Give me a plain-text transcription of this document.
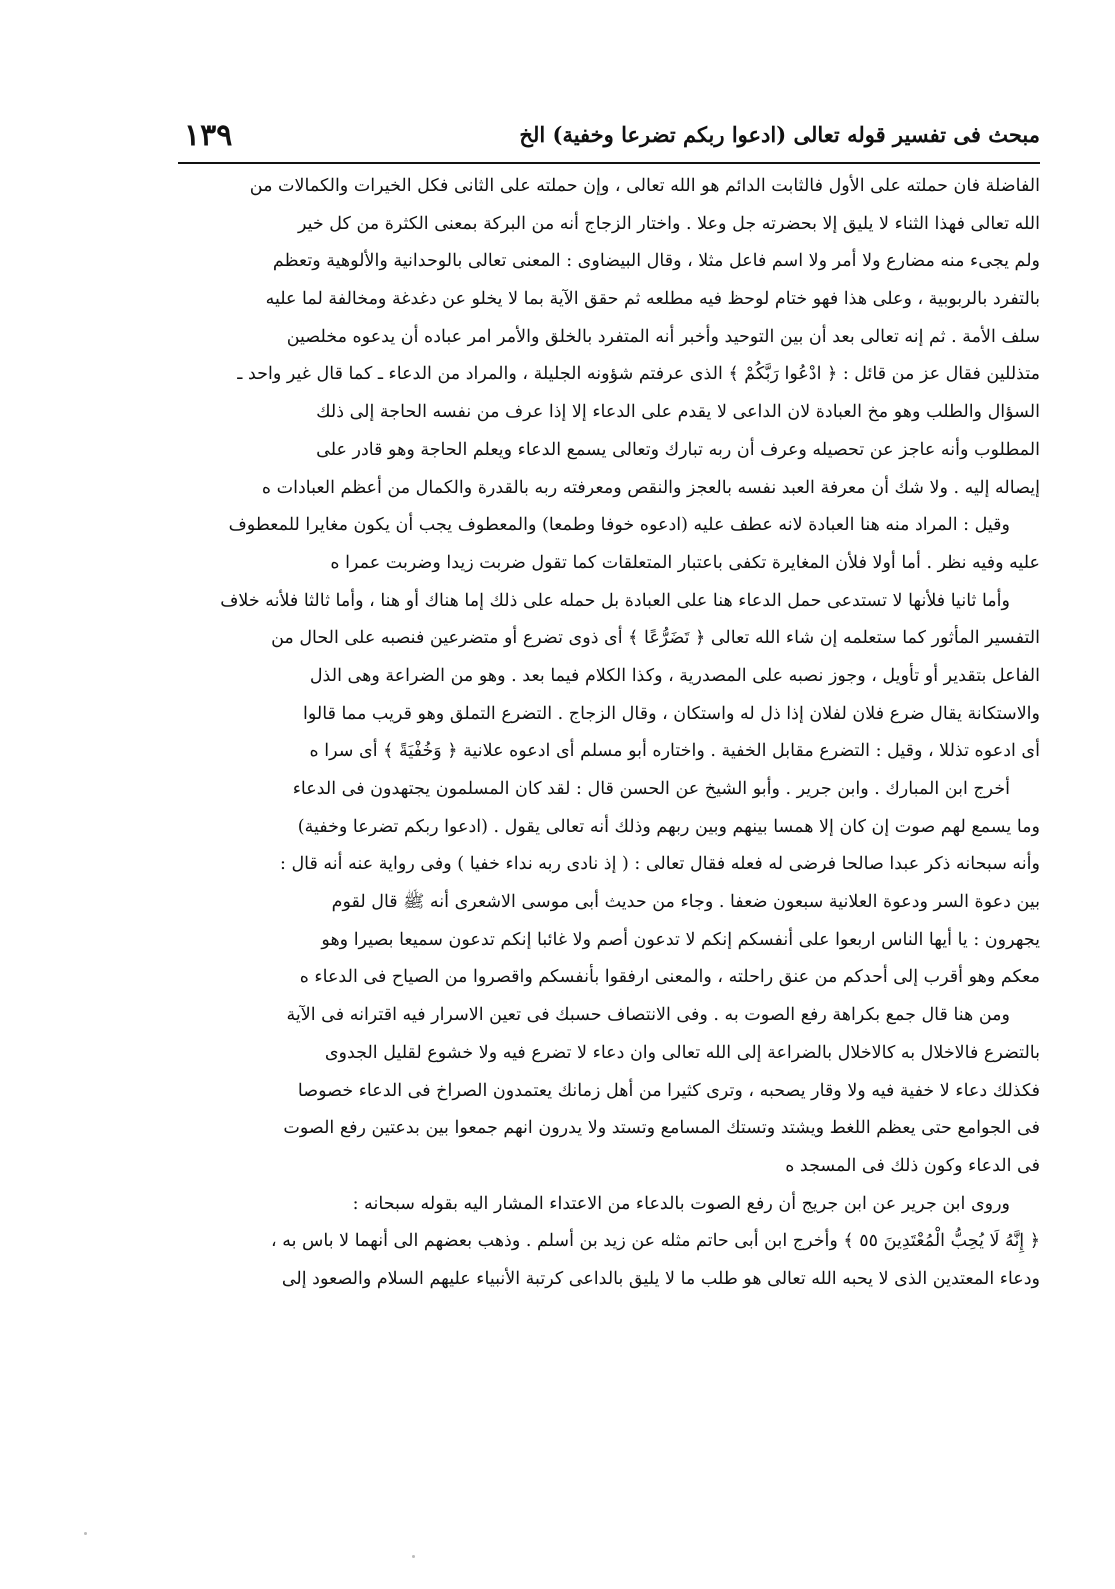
مبحث فى تفسير قوله تعالى (ادعوا ربكم تضرعا وخفية) الخ
١٣٩
الفاضلة فان حملته على الأول فالثابت الدائم هو الله تعالى ، وإن حملته على الثانى فكل الخيرات والكمالات من
الله تعالى فهذا الثناء لا يليق إلا بحضرته جل وعلا . واختار الزجاج أنه من البركة بمعنى الكثرة من كل خير
ولم يجىء منه مضارع ولا أمر ولا اسم فاعل مثلا ، وقال البيضاوى : المعنى تعالى بالوحدانية والألوهية وتعظم
بالتفرد بالربوبية ، وعلى هذا فهو ختام لوحظ فيه مطلعه ثم حقق الآية بما لا يخلو عن دغدغة ومخالفة لما عليه
سلف الأمة . ثم إنه تعالى بعد أن بين التوحيد وأخبر أنه المتفرد بالخلق والأمر امر عباده أن يدعوه مخلصين
متذللين فقال عز من قائل : ﴿ ادْعُوا رَبَّكُمْ ﴾ الذى عرفتم شؤونه الجليلة ، والمراد من الدعاء ـ كما قال غير واحد ـ
السؤال والطلب وهو مخ العبادة لان الداعى لا يقدم على الدعاء إلا إذا عرف من نفسه الحاجة إلى ذلك
المطلوب وأنه عاجز عن تحصيله وعرف أن ربه تبارك وتعالى يسمع الدعاء ويعلم الحاجة وهو قادر على
إيصاله إليه . ولا شك أن معرفة العبد نفسه بالعجز والنقص ومعرفته ربه بالقدرة والكمال من أعظم العبادات ه
وقيل : المراد منه هنا العبادة لانه عطف عليه (ادعوه خوفا وطمعا) والمعطوف يجب أن يكون مغايرا للمعطوف
عليه وفيه نظر . أما أولا فلأن المغايرة تكفى باعتبار المتعلقات كما تقول ضربت زيدا وضربت عمرا ه
وأما ثانيا فلأنها لا تستدعى حمل الدعاء هنا على العبادة بل حمله على ذلك إما هناك أو هنا ، وأما ثالثا فلأنه خلاف
التفسير المأثور كما ستعلمه إن شاء الله تعالى ﴿ تَضَرُّعًا ﴾ أى ذوى تضرع أو متضرعين فنصبه على الحال من
الفاعل بتقدير أو تأويل ، وجوز نصبه على المصدرية ، وكذا الكلام فيما بعد . وهو من الضراعة وهى الذل
والاستكانة يقال ضرع فلان لفلان إذا ذل له واستكان ، وقال الزجاج . التضرع التملق وهو قريب مما قالوا
أى ادعوه تذللا ، وقيل : التضرع مقابل الخفية . واختاره أبو مسلم أى ادعوه علانية ﴿ وَخُفْيَةً ﴾ أى سرا ه
أخرج ابن المبارك . وابن جرير . وأبو الشيخ عن الحسن قال : لقد كان المسلمون يجتهدون فى الدعاء
وما يسمع لهم صوت إن كان إلا همسا بينهم وبين ربهم وذلك أنه تعالى يقول . (ادعوا ربكم تضرعا وخفية)
وأنه سبحانه ذكر عبدا صالحا فرضى له فعله فقال تعالى : ( إذ نادى ربه نداء خفيا ) وفى رواية عنه أنه قال :
بين دعوة السر ودعوة العلانية سبعون ضعفا . وجاء من حديث أبى موسى الاشعرى أنه ﷺ قال لقوم
يجهرون : يا أيها الناس اربعوا على أنفسكم إنكم لا تدعون أصم ولا غائبا إنكم تدعون سميعا بصيرا وهو
معكم وهو أقرب إلى أحدكم من عنق راحلته ، والمعنى ارفقوا بأنفسكم واقصروا من الصياح فى الدعاء ه
ومن هنا قال جمع بكراهة رفع الصوت به . وفى الانتصاف حسبك فى تعين الاسرار فيه اقترانه فى الآية
بالتضرع فالاخلال به كالاخلال بالضراعة إلى الله تعالى وان دعاء لا تضرع فيه ولا خشوع لقليل الجدوى
فكذلك دعاء لا خفية فيه ولا وقار يصحبه ، وترى كثيرا من أهل زمانك يعتمدون الصراخ فى الدعاء خصوصا
فى الجوامع حتى يعظم اللغط ويشتد وتستك المسامع وتستد ولا يدرون انهم جمعوا بين بدعتين رفع الصوت
فى الدعاء وكون ذلك فى المسجد ه
وروى ابن جرير عن ابن جريج أن رفع الصوت بالدعاء من الاعتداء المشار اليه بقوله سبحانه :
﴿ إِنَّهُ لَا يُحِبُّ الْمُعْتَدِينَ ٥٥ ﴾ وأخرج ابن أبى حاتم مثله عن زيد بن أسلم . وذهب بعضهم الى أنهما لا باس به ،
ودعاء المعتدين الذى لا يحبه الله تعالى هو طلب ما لا يليق بالداعى كرتبة الأنبياء عليهم السلام والصعود إلى
